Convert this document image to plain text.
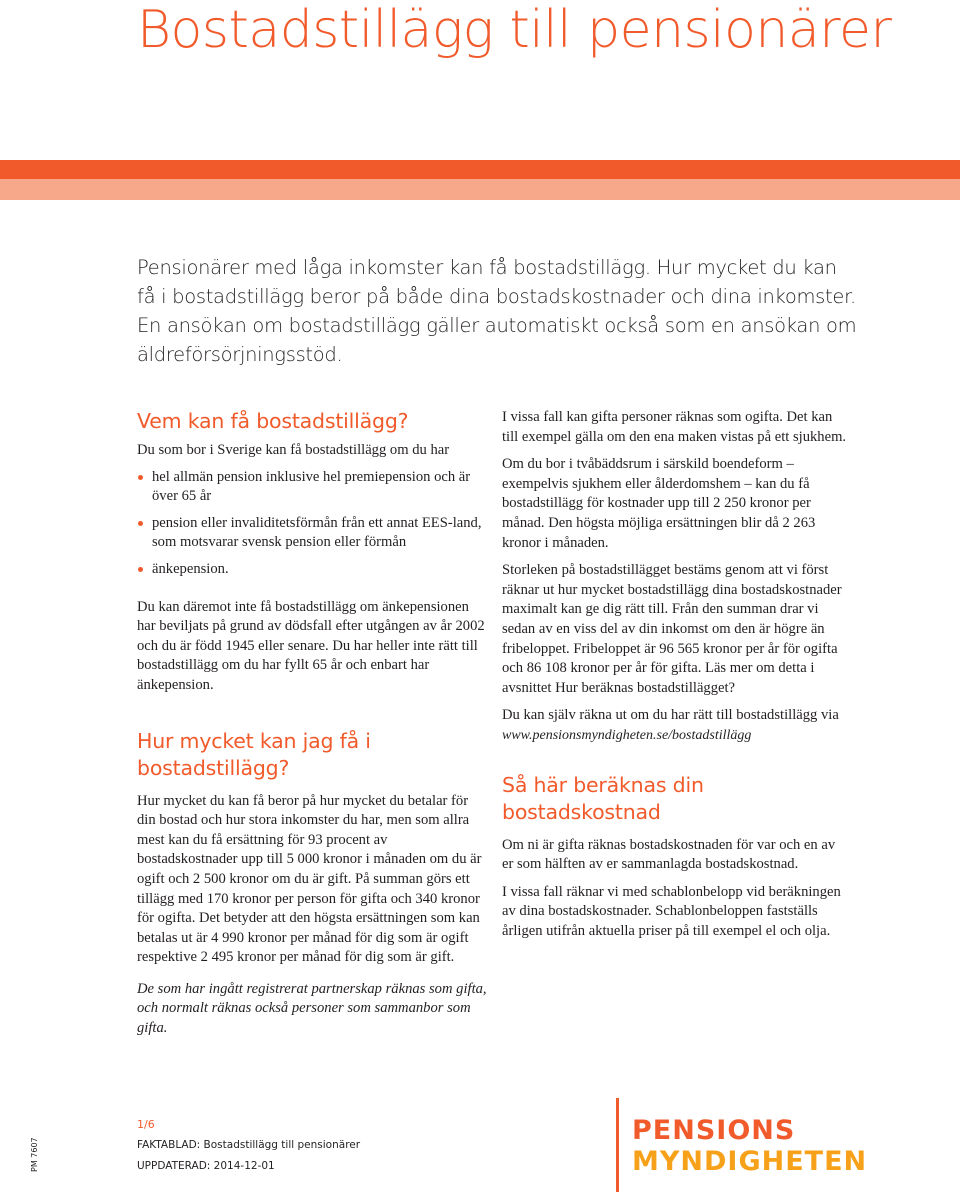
Bostadstillägg till pensionärer

Pensionärer med låga inkomster kan få bostadstillägg. Hur mycket du kan få i bostadstillägg beror på både dina bostadskostnader och dina inkomster. En ansökan om bostadstillägg gäller automatiskt också som en ansökan om äldreförsörjningsstöd.

Vem kan få bostadstillägg?

Du som bor i Sverige kan få bostadstillägg om du har

hel allmän pension inklusive hel premiepension och är över 65 år
pension eller invaliditetsförmån från ett annat EES-land, som motsvarar svensk pension eller förmån
änkepension.

Du kan däremot inte få bostadstillägg om änkepensionen har beviljats på grund av dödsfall efter utgången av år 2002 och du är född 1945 eller senare. Du har heller inte rätt till bostadstillägg om du har fyllt 65 år och enbart har änkepension.

Hur mycket kan jag få i bostadstillägg?

Hur mycket du kan få beror på hur mycket du betalar för din bostad och hur stora inkomster du har, men som allra mest kan du få ersättning för 93 procent av bostadskostnader upp till 5 000 kronor i månaden om du är ogift och 2 500 kronor om du är gift. På summan görs ett tillägg med 170 kronor per person för gifta och 340 kronor för ogifta. Det betyder att den högsta ersättningen som kan betalas ut är 4 990 kronor per månad för dig som är ogift respektive 2 495 kronor per månad för dig som är gift.

De som har ingått registrerat partnerskap räknas som gifta, och normalt räknas också personer som sammanbor som gifta.

I vissa fall kan gifta personer räknas som ogifta. Det kan till exempel gälla om den ena maken vistas på ett sjukhem.

Om du bor i tvåbäddsrum i särskild boendeform – exempelvis sjukhem eller ålderdomshem – kan du få bostadstillägg för kostnader upp till 2 250 kronor per månad. Den högsta möjliga ersättningen blir då 2 263 kronor i månaden.

Storleken på bostadstillägget bestäms genom att vi först räknar ut hur mycket bostadstillägg dina bostadskostnader maximalt kan ge dig rätt till. Från den summan drar vi sedan av en viss del av din inkomst om den är högre än fribeloppet. Fribeloppet är 96 565 kronor per år för ogifta och 86 108 kronor per år för gifta. Läs mer om detta i avsnittet Hur beräknas bostadstillägget?

Du kan själv räkna ut om du har rätt till bostadstillägg via

www.pensionsmyndigheten.se/bostadstillägg

Så här beräknas din bostadskostnad

Om ni är gifta räknas bostadskostnaden för var och en av er som hälften av er sammanlagda bostadskostnad.

I vissa fall räknar vi med schablonbelopp vid beräkningen av dina bostadskostnader. Schablonbeloppen fastställs årligen utifrån aktuella priser på till exempel el och olja.

PM 7607
1/6
FAKTABLAD: Bostadstillägg till pensionärer
UPPDATERAD: 2014-12-01
PENSIONS
MYNDIGHETEN
